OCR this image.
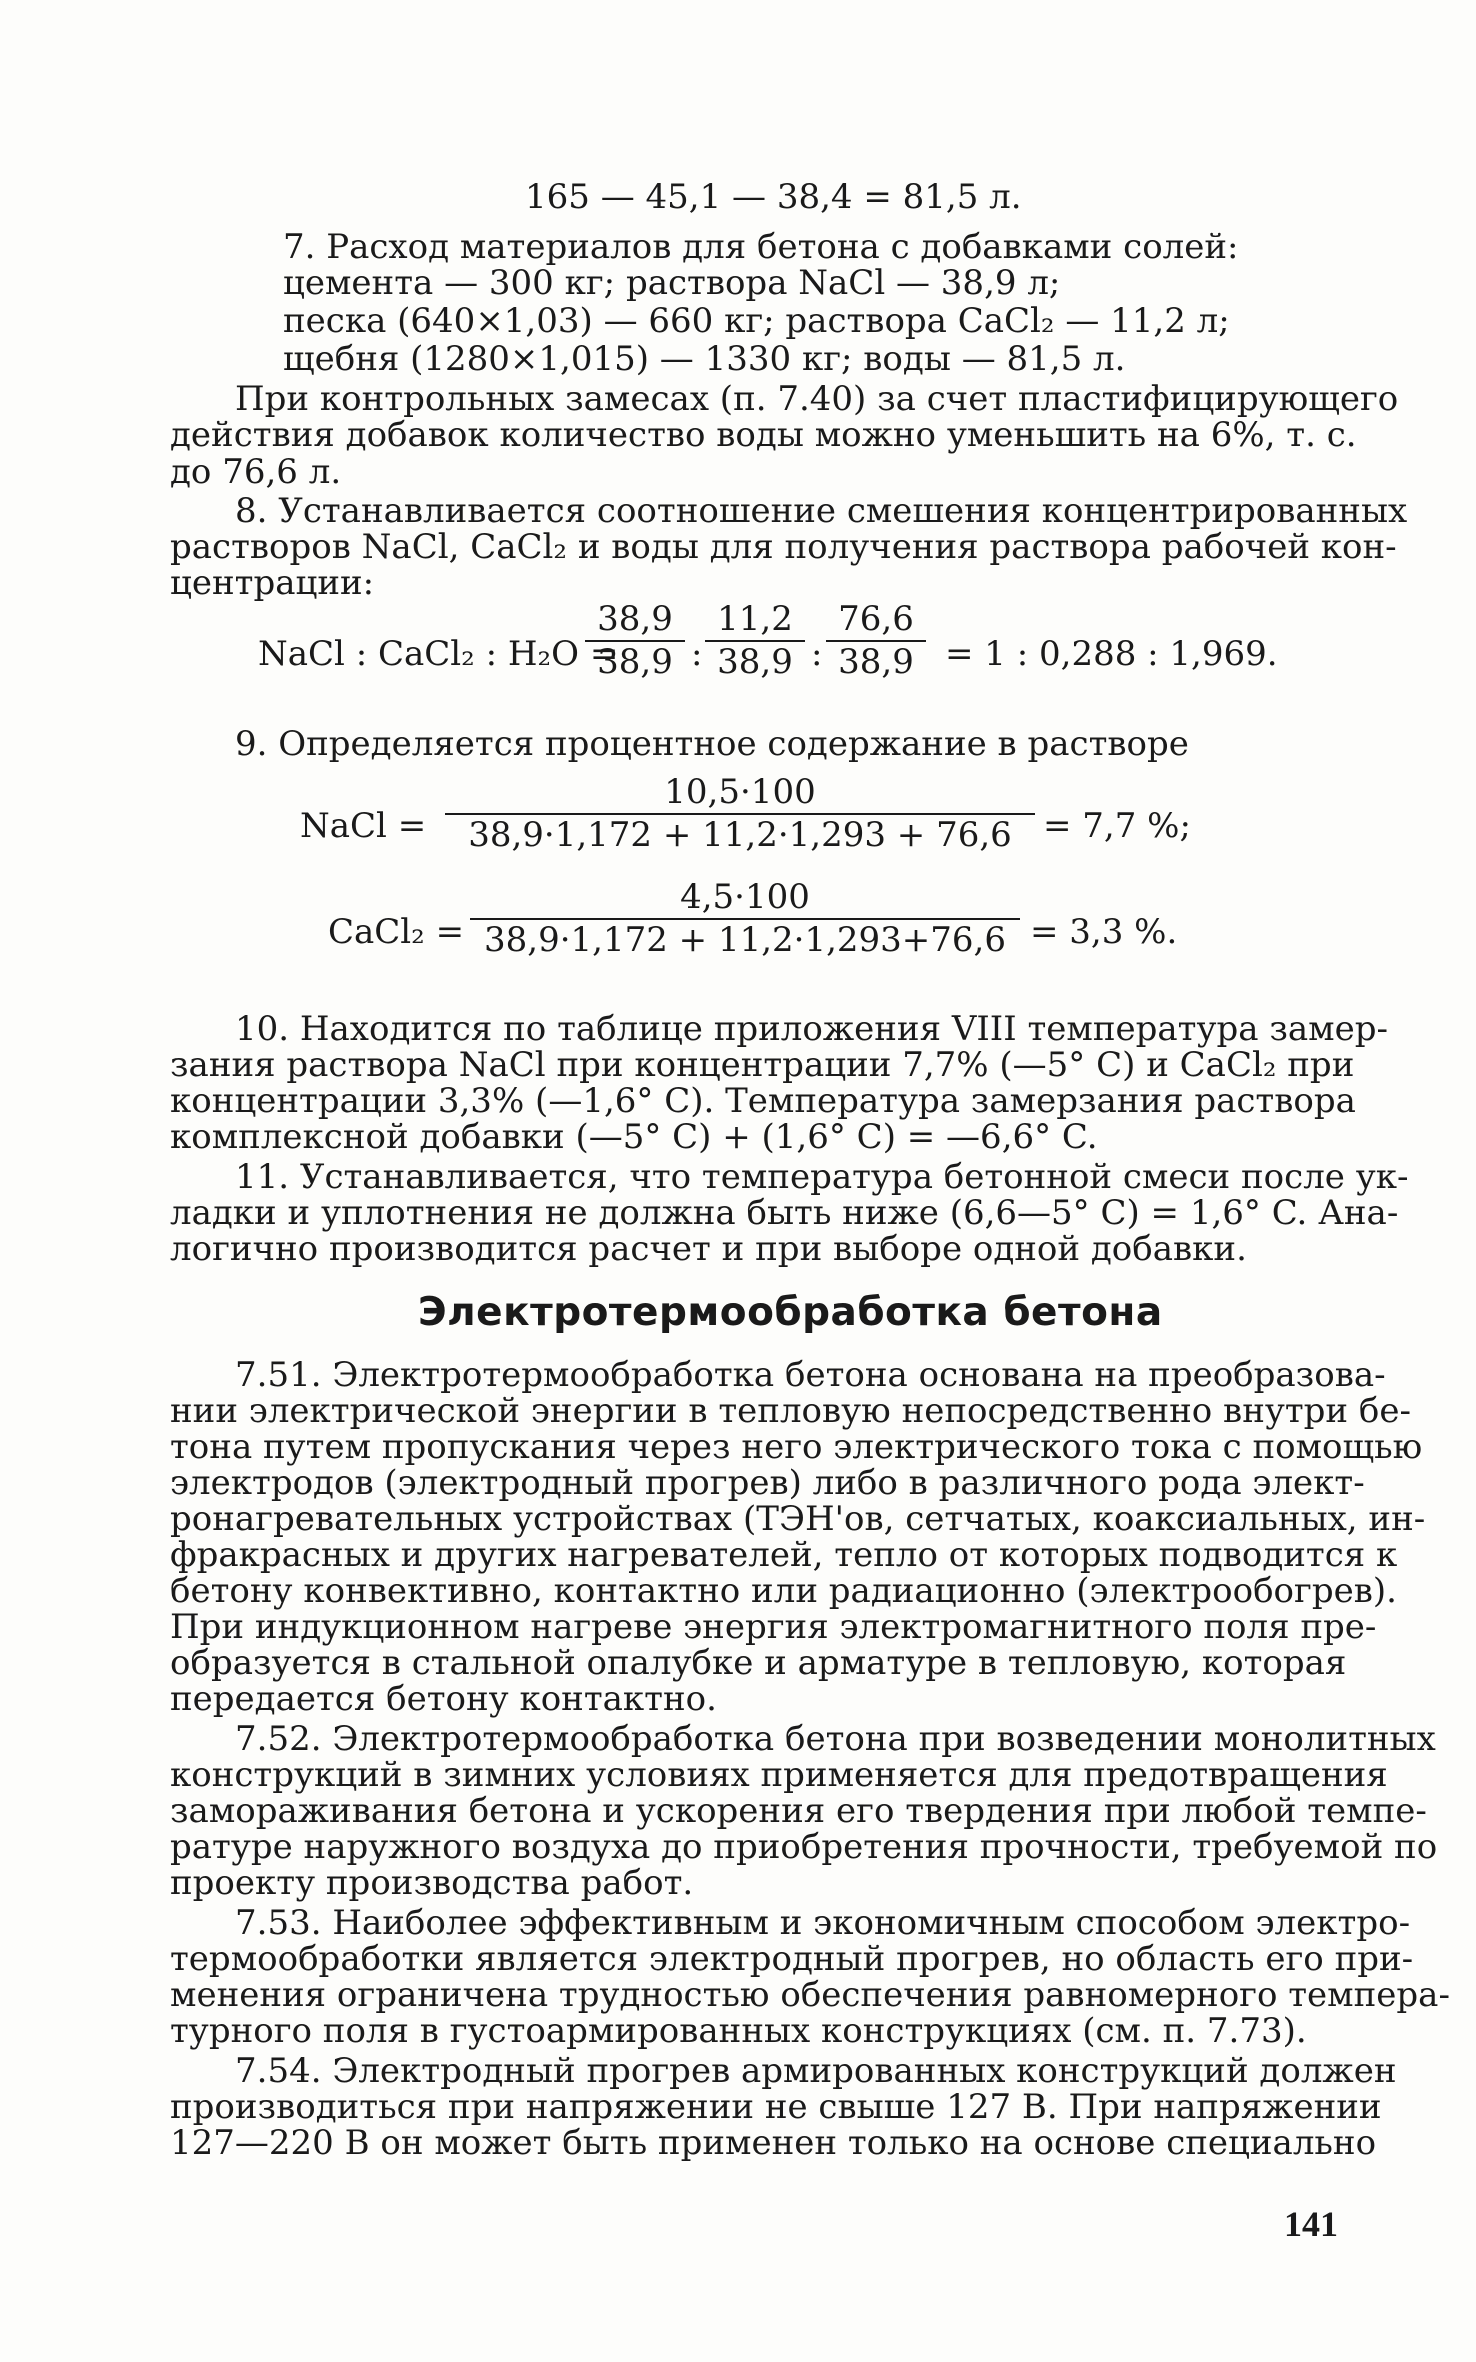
165 — 45,1 — 38,4 = 81,5 л.
7. Расход материалов для бетона с добавками солей:
цемента — 300 кг; раствора NaCl — 38,9 л;
песка (640×1,03) — 660 кг; раствора CaCl₂ — 11,2 л;
щебня (1280×1,015) — 1330 кг; воды — 81,5 л.
При контрольных замесах (п. 7.40) за счет пластифицирующего
действия добавок количество воды можно уменьшить на 6%, т. с.
до 76,6 л.
8. Устанавливается соотношение смешения концентрированных
растворов NaCl, CaCl₂ и воды для получения раствора рабочей кон-
центрации:
NaCl : CaCl₂ : H₂O =
$\frac{38,9}{38,9}$ : $\frac{11,2}{38,9}$ : $\frac{76,6}{38,9} = 1$ : 0,288 : 1,969.
9. Определяется процентное содержание в растворе
NaCl = $\frac{10,5\cdot 100}{38,9\cdot 1,172 + 11,2\cdot 1,293 + 76,6} = 7,7$ %;
CaCl₂ = $\frac{4,5\cdot 100}{38,9\cdot 1,172 + 11,2\cdot 1,293+76,6} = 3,3$ %.
10. Находится по таблице приложения VIII температура замер-
зания раствора NaCl при концентрации 7,7% (—5° C) и CaCl₂ при
концентрации 3,3% (—1,6° C). Температура замерзания раствора
комплексной добавки (—5° C) + (1,6° C) = —6,6° C.
11. Устанавливается, что температура бетонной смеси после ук-
ладки и уплотнения не должна быть ниже (6,6—5° C) = 1,6° C. Ана-
логично производится расчет и при выборе одной добавки.
Электротермообработка бетона
7.51. Электротермообработка бетона основана на преобразова-
нии электрической энергии в тепловую непосредственно внутри бе-
тона путем пропускания через него электрического тока с помощью
электродов (электродный прогрев) либо в различного рода элект-
ронагревательных устройствах (ТЭН'ов, сетчатых, коаксиальных, ин-
фракрасных и других нагревателей, тепло от которых подводится к
бетону конвективно, контактно или радиационно (электрообогрев).
При индукционном нагреве энергия электромагнитного поля пре-
образуется в стальной опалубке и арматуре в тепловую, которая
передается бетону контактно.
7.52. Электротермообработка бетона при возведении монолитных
конструкций в зимних условиях применяется для предотвращения
замораживания бетона и ускорения его твердения при любой темпе-
ратуре наружного воздуха до приобретения прочности, требуемой по
проекту производства работ.
7.53. Наиболее эффективным и экономичным способом электро-
термообработки является электродный прогрев, но область его при-
менения ограничена трудностью обеспечения равномерного темпера-
турного поля в густоармированных конструкциях (см. п. 7.73).
7.54. Электродный прогрев армированных конструкций должен
производиться при напряжении не свыше 127 В. При напряжении
127—220 В он может быть применен только на основе специально
141
